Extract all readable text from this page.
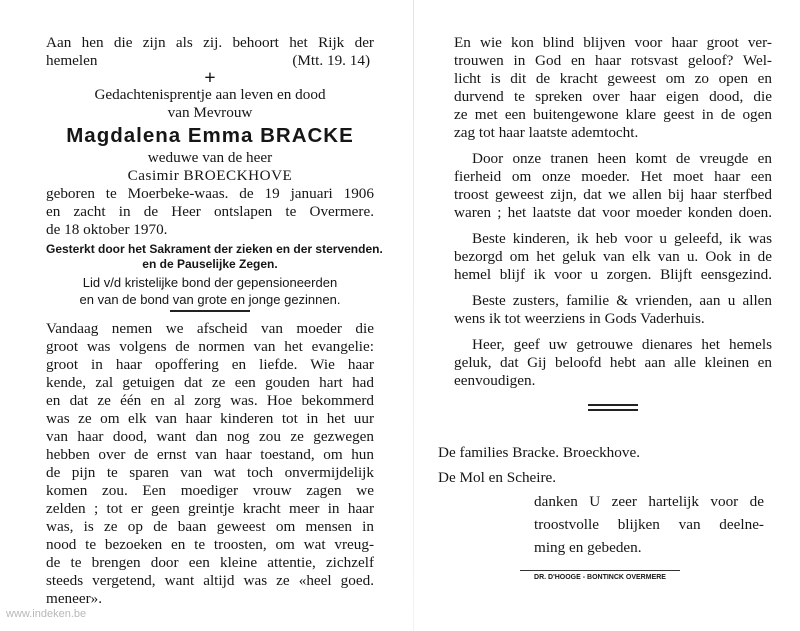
Aan hen die zijn als zij. behoort het Rijk der
hemelen	(Mtt. 19. 14)
+
Gedachtenisprentje aan leven en dood
van Mevrouw
Magdalena Emma BRACKE
weduwe van de heer
Casimir BROECKHOVE
geboren te Moerbeke-waas. de 19 januari 1906
en zacht in de Heer ontslapen te Overmere.
de 18 oktober 1970.
Gesterkt door het Sakrament der zieken en der stervenden.
en de Pauselijke Zegen.
Lid v/d kristelijke bond der gepensioneerden
en van de bond van grote en jonge gezinnen.
Vandaag nemen we afscheid van moeder die
groot was volgens de normen van het evangelie:
groot in haar opoffering en liefde. Wie haar
kende, zal getuigen dat ze een gouden hart had
en dat ze één en al zorg was. Hoe bekommerd
was ze om elk van haar kinderen tot in het uur
van haar dood, want dan nog zou ze gezwegen
hebben over de ernst van haar toestand, om hun
de pijn te sparen van wat toch onvermijdelijk
komen zou. Een moediger vrouw zagen we
zelden ; tot er geen greintje kracht meer in haar
was, is ze op de baan geweest om mensen in
nood te bezoeken en te troosten, om wat vreug-
de te brengen door een kleine attentie, zichzelf
steeds vergetend, want altijd was ze «heel goed.
meneer».
En wie kon blind blijven voor haar groot ver-
trouwen in God en haar rotsvast geloof? Wel-
licht is dit de kracht geweest om zo open en
durvend te spreken over haar eigen dood, die
ze met een buitengewone klare geest in de ogen
zag tot haar laatste ademtocht.
Door onze tranen heen komt de vreugde en
fierheid om onze moeder. Het moet haar een
troost geweest zijn, dat we allen bij haar sterfbed
waren ; het laatste dat voor moeder konden doen.
Beste kinderen, ik heb voor u geleefd, ik was
bezorgd om het geluk van elk van u. Ook in de
hemel blijf ik voor u zorgen. Blijft eensgezind.
Beste zusters, familie & vrienden, aan u allen
wens ik tot weerziens in Gods Vaderhuis.
Heer, geef uw getrouwe dienares het hemels
geluk, dat Gij beloofd hebt aan alle kleinen en
eenvoudigen.
De families Bracke. Broeckhove.
De Mol en Scheire.
danken U zeer hartelijk voor de
troostvolle blijken van deelne-
ming en gebeden.
DR. D'HOOGE - BONTINCK OVERMERE
www.indeken.be
